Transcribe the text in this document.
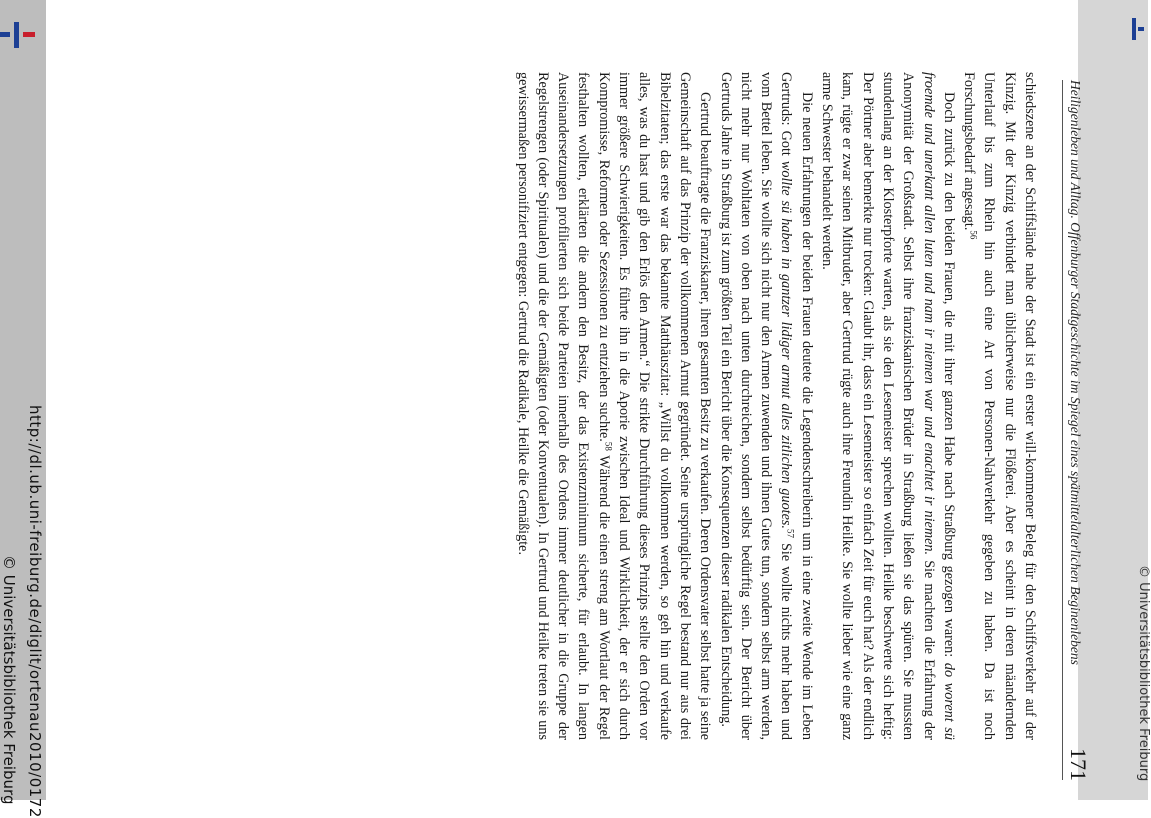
© Universitätsbibliothek Freiburg
Heiligenleben und Alltag. Offenburger Stadtgeschichte im Spiegel eines spätmittelalterlichen Beginenlebens
171

schiedszene an der Schiffslände nahe der Stadt ist ein erster will-kommener Beleg für den Schiffsverkehr auf der Kinzig. Mit der Kinzig verbindet man üblicherweise nur die Flößerei. Aber es scheint in deren mäandernden Unterlauf bis zum Rhein hin auch eine Art von Personen-Nahverkehr gegeben zu haben. Da ist noch Forschungsbedarf angesagt.$^{56}$

Doch zurück zu den beiden Frauen, die mit ihrer ganzen Habe nach Straßburg gezogen waren: do worent sü froemde und unerkant allen luten und nam ir niemen war und enachtet ir niemen. Sie machten die Erfahrung der Anonymität der Großstadt. Selbst ihre franziskanischen Brüder in Straßburg ließen sie das spüren. Sie mussten stundenlang an der Klosterpforte warten, als sie den Lesemeister sprechen wollten. Heilke beschwerte sich heftig: Der Pörtner aber bemerkte nur trocken: Glaubt ihr, dass ein Lesemeister so einfach Zeit für euch hat? Als der endlich kam, rügte er zwar seinen Mitbruder, aber Gertrud rügte auch ihre Freundin Heilke. Sie wollte lieber wie eine ganz arme Schwester behandelt werden.

Die neuen Erfahrungen der beiden Frauen deutete die Legendenschreiberin um in eine zweite Wende im Leben Gertruds: Gott wollte sü haben in gantzer lidiger armut alles zitlichen guotes.$^{57}$ Sie wollte nichts mehr haben und vom Bettel leben. Sie wollte sich nicht nur den Armen zuwenden und ihnen Gutes tun, sondern selbst arm werden, nicht mehr nur Wohltaten von oben nach unten durchreichen, sondern selbst bedürftig sein. Der Bericht über Gertruds Jahre in Straßburg ist zum größten Teil ein Bericht über die Konsequenzen dieser radikalen Entscheidung.

Gertrud beauftragte die Franziskaner, ihren gesamten Besitz zu verkaufen. Deren Ordensvater selbst hatte ja seine Gemeinschaft auf das Prinzip der vollkommenen Armut gegründet. Seine ursprüngliche Regel bestand nur aus drei Bibelzitaten; das erste war das bekannte Matthäuszitat: „Willst du vollkommen werden, so geh hin und verkaufe alles, was du hast und gib den Erlös den Armen.“ Die strikte Durchführung dieses Prinzips stellte den Orden vor immer größere Schwierigkeiten. Es führte ihn in die Aporie zwischen Ideal und Wirklichkeit, der er sich durch Kompromisse, Reformen oder Sezessionen zu entziehen suchte.$^{58}$ Während die einen streng am Wortlaut der Regel festhalten wollten, erklärten die andern den Besitz, der das Existenzminimum sicherte, für erlaubt. In langen Auseinandersetzungen profilierten sich beide Parteien innerhalb des Ordens immer deutlicher in die Gruppe der Regelstrengen (oder Spiritualen) und die der Gemäßigten (oder Konventualen). In Gertrud und Heilke treten sie uns gewissermaßen personifiziert entgegen: Gertrud die Radikale, Heilke die Gemäßigte.

http://dl.ub.uni-freiburg.de/diglit/ortenau2010/0172
© Universitätsbibliothek Freiburg
